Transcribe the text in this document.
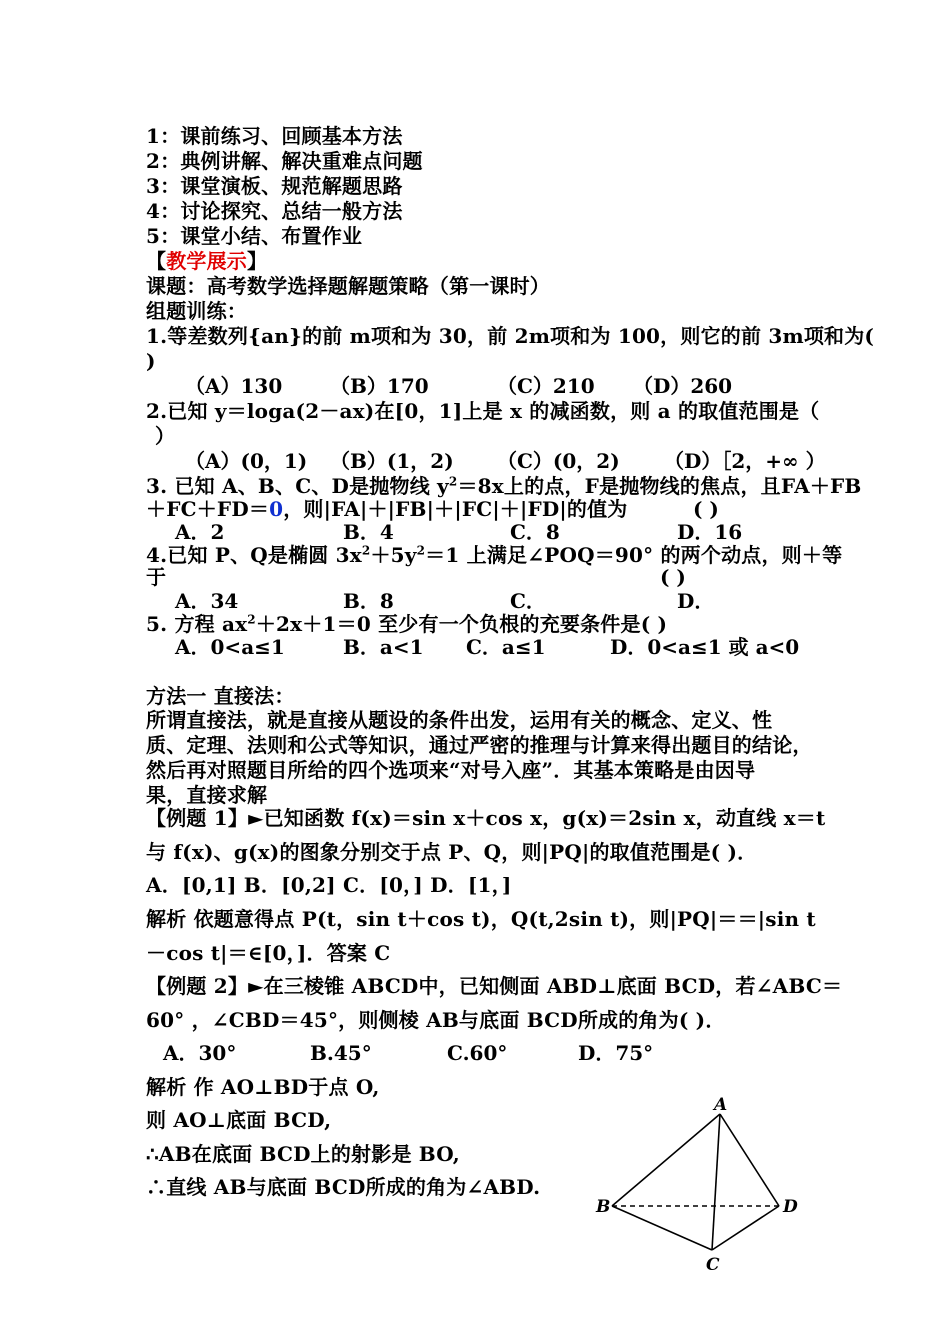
1：课前练习、回顾基本方法
2：典例讲解、解决重难点问题
3：课堂演板、规范解题思路
4：讨论探究、总结一般方法
5：课堂小结、布置作业
【教学展示】
课题：高考数学选择题解题策略（第一课时）
组题训练：
1.等差数列{an}的前 m项和为 30，前 2m项和为 100，则它的前 3m项和为(
)
（A）130 （B）170	（C）210 （D）260
2.已知 y＝loga(2－ax)在[0，1]上是 x 的减函数，则 a 的取值范围是（
）
（A）(0，1) （B）(1，2) （C）(0，2) （D）［2，+∞ ）
3. 已知 A、B、C、D是抛物线 $y^2=8x$上的点，F是抛物线的焦点，且FA＋FB
＋FC＋FD＝0，则|FA|＋|FB|＋|FC|＋|FD|的值为	( )
A．2	B．4	C．8	D．16
4.已知 P、Q是椭圆 $3x^2+5y^2=1$ 上满足∠POQ＝90° 的两个动点，则＋等
于	( )
A．34	B．8	C．	D．
5. 方程 $ax^2+2x+1=0$ 至少有一个负根的充要条件是( )
A．0<a≤1	B．a<1 C．a≤1	D．0<a≤1 或 a<0
方法一 直接法：
所谓直接法，就是直接从题设的条件出发，运用有关的概念、定义、性
质、定理、法则和公式等知识，通过严密的推理与计算来得出题目的结论，
然后再对照题目所给的四个选项来“对号入座”．其基本策略是由因导
果，直接求解
【例题 1】►已知函数 f(x)＝sin x＋cos x，g(x)＝2sin x，动直线 x＝t
与 f(x)、g(x)的图象分别交于点 P、Q，则|PQ|的取值范围是( )．
A．[0,1] B．[0,2] C．[0，] D．[1，]
解析 依题意得点 P(t，sin t＋cos t)，Q(t,2sin t)，则|PQ|＝＝|sin t
－cos t|＝∈[0，]．答案 C
【例题 2】►在三棱锥 ABCD中，已知侧面 ABD⊥底面 BCD，若∠ABC＝
60° ，∠CBD＝45°，则侧棱 AB与底面 BCD所成的角为( )．
A．30°	B.45°	C.60°	D．75°
解析 作 AO⊥BD于点 O,
则 AO⊥底面 BCD,
∴AB在底面 BCD上的射影是 BO,
∴直线 AB与底面 BCD所成的角为∠ABD.
A
B
C
D
